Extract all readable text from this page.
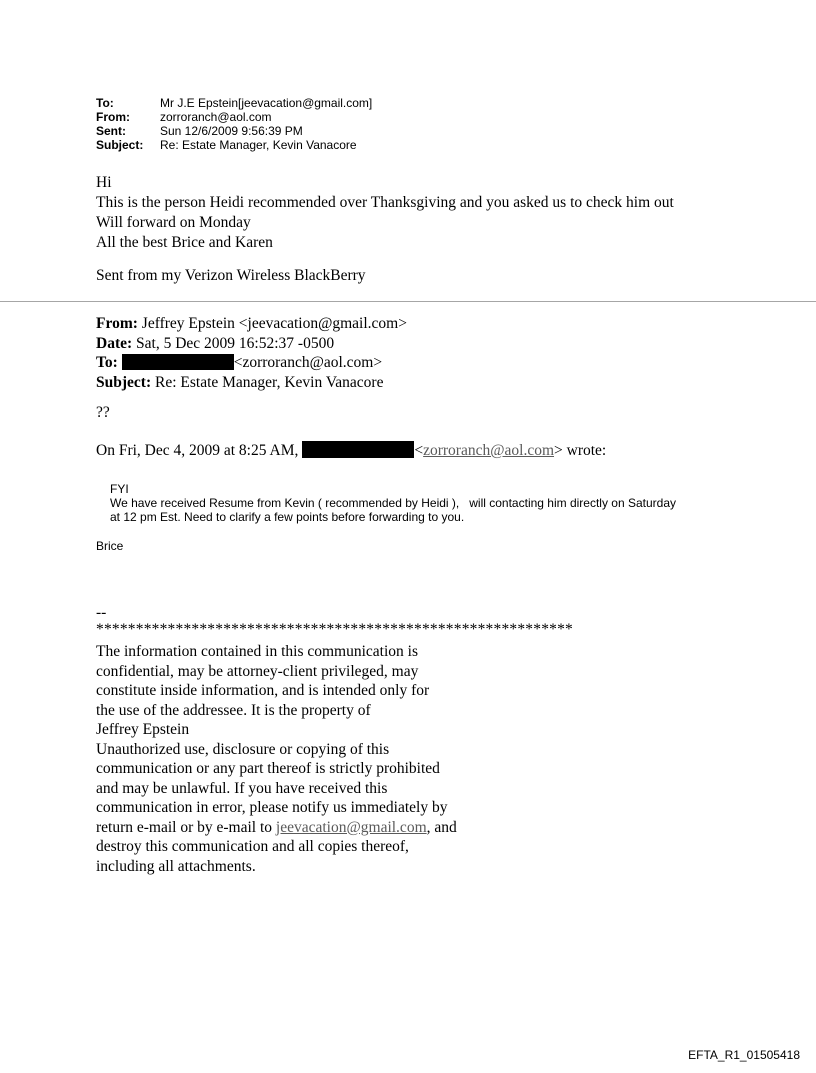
To:	Mr J.E Epstein[jeevacation@gmail.com]
From:	zorroranch@aol.com
Sent:	Sun 12/6/2009 9:56:39 PM
Subject:	Re: Estate Manager, Kevin Vanacore
Hi
This is the person Heidi recommended over Thanksgiving and you asked us to check him out
Will forward on Monday
All the best Brice and Karen
Sent from my Verizon Wireless BlackBerry
From: Jeffrey Epstein <jeevacation@gmail.com>
Date: Sat, 5 Dec 2009 16:52:37 -0500
To:	<zorroranch@aol.com>
Subject: Re: Estate Manager, Kevin Vanacore
??
On Fri, Dec 4, 2009 at 8:25 AM,	<zorroranch@aol.com> wrote:
FYI
We have received Resume from Kevin ( recommended by Heidi ),   will contacting him directly on Saturday
at 12 pm Est. Need to clarify a few points before forwarding to you.
Brice
--
************************************************************
The information contained in this communication is
confidential, may be attorney-client privileged, may
constitute inside information, and is intended only for
the use of the addressee. It is the property of
Jeffrey Epstein
Unauthorized use, disclosure or copying of this
communication or any part thereof is strictly prohibited
and may be unlawful. If you have received this
communication in error, please notify us immediately by
return e-mail or by e-mail to jeevacation@gmail.com, and
destroy this communication and all copies thereof,
including all attachments.
EFTA_R1_01505418
